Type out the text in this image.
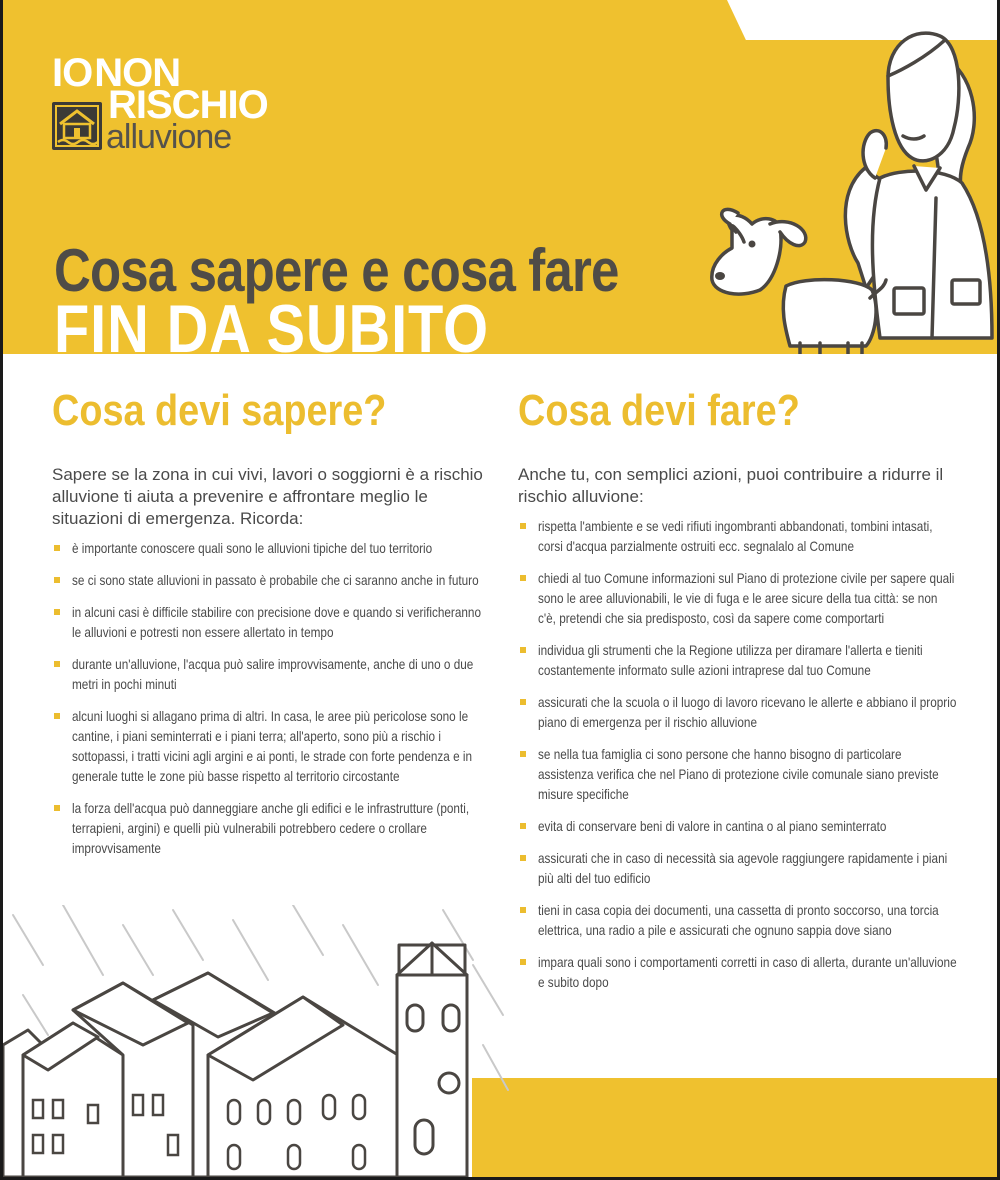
IONON
RISCHIO
alluvione
Cosa sapere e cosa fare
FIN DA SUBITO
Cosa devi sapere?

Sapere se la zona in cui vivi, lavori o soggiorni è a rischio alluvione ti aiuta a prevenire e affrontare meglio le situazioni di emergenza. Ricorda:

è importante conoscere quali sono le alluvioni tipiche del tuo territorio
se ci sono state alluvioni in passato è probabile che ci saranno anche in futuro
in alcuni casi è difficile stabilire con precisione dove e quando si verificheranno le alluvioni e potresti non essere allertato in tempo
durante un'alluvione, l'acqua può salire improvvisamente, anche di uno o due metri in pochi minuti
alcuni luoghi si allagano prima di altri. In casa, le aree più pericolose sono le cantine, i piani seminterrati e i piani terra; all'aperto, sono più a rischio i sottopassi, i tratti vicini agli argini e ai ponti, le strade con forte pendenza e in generale tutte le zone più basse rispetto al territorio circostante
la forza dell'acqua può danneggiare anche gli edifici e le infrastrutture (ponti, terrapieni, argini) e quelli più vulnerabili potrebbero cedere o crollare improvvisamente
Cosa devi fare?

Anche tu, con semplici azioni, puoi contribuire a ridurre il rischio alluvione:

rispetta l'ambiente e se vedi rifiuti ingombranti abbandonati, tombini intasati, corsi d'acqua parzialmente ostruiti ecc. segnalalo al Comune
chiedi al tuo Comune informazioni sul Piano di protezione civile per sapere quali sono le aree alluvionabili, le vie di fuga e le aree sicure della tua città: se non c'è, pretendi che sia predisposto, così da sapere come comportarti
individua gli strumenti che la Regione utilizza per diramare l'allerta e tieniti costantemente informato sulle azioni intraprese dal tuo Comune
assicurati che la scuola o il luogo di lavoro ricevano le allerte e abbiano il proprio piano di emergenza per il rischio alluvione
se nella tua famiglia ci sono persone che hanno bisogno di particolare assistenza verifica che nel Piano di protezione civile comunale siano previste misure specifiche
evita di conservare beni di valore in cantina o al piano seminterrato
assicurati che in caso di necessità sia agevole raggiungere rapidamente i piani più alti del tuo edificio
tieni in casa copia dei documenti, una cassetta di pronto soccorso, una torcia elettrica, una radio a pile e assicurati che ognuno sappia dove siano
impara quali sono i comportamenti corretti in caso di allerta, durante un'alluvione e subito dopo
